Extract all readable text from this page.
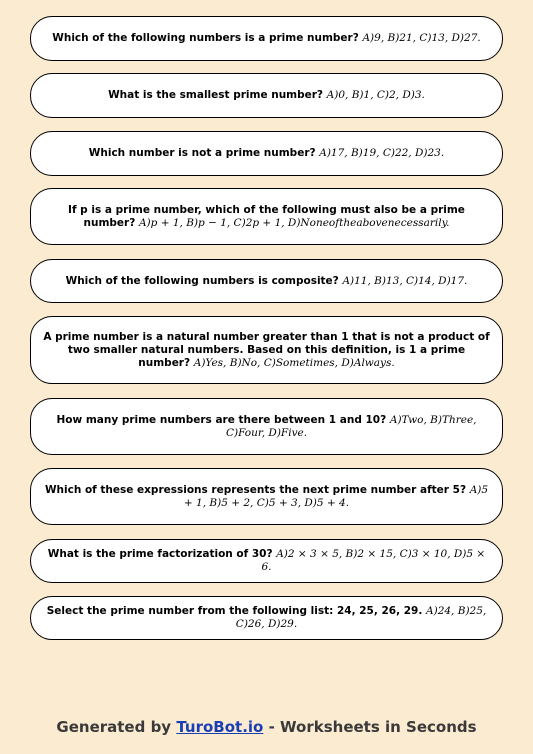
Which of the following numbers is a prime number? A)9, B)21, C)13, D)27.
What is the smallest prime number? A)0, B)1, C)2, D)3.
Which number is not a prime number? A)17, B)19, C)22, D)23.
If p is a prime number, which of the following must also be a prime number? A)p + 1, B)p − 1, C)2p + 1, D)Noneoftheabovenecessarily.
Which of the following numbers is composite? A)11, B)13, C)14, D)17.
A prime number is a natural number greater than 1 that is not a product of two smaller natural numbers. Based on this definition, is 1 a prime number? A)Yes, B)No, C)Sometimes, D)Always.
How many prime numbers are there between 1 and 10? A)Two, B)Three, C)Four, D)Five.
Which of these expressions represents the next prime number after 5? A)5 + 1, B)5 + 2, C)5 + 3, D)5 + 4.
What is the prime factorization of 30? A)2 × 3 × 5, B)2 × 15, C)3 × 10, D)5 × 6.
Select the prime number from the following list: 24, 25, 26, 29. A)24, B)25, C)26, D)29.
Generated by TuroBot.io - Worksheets in Seconds
